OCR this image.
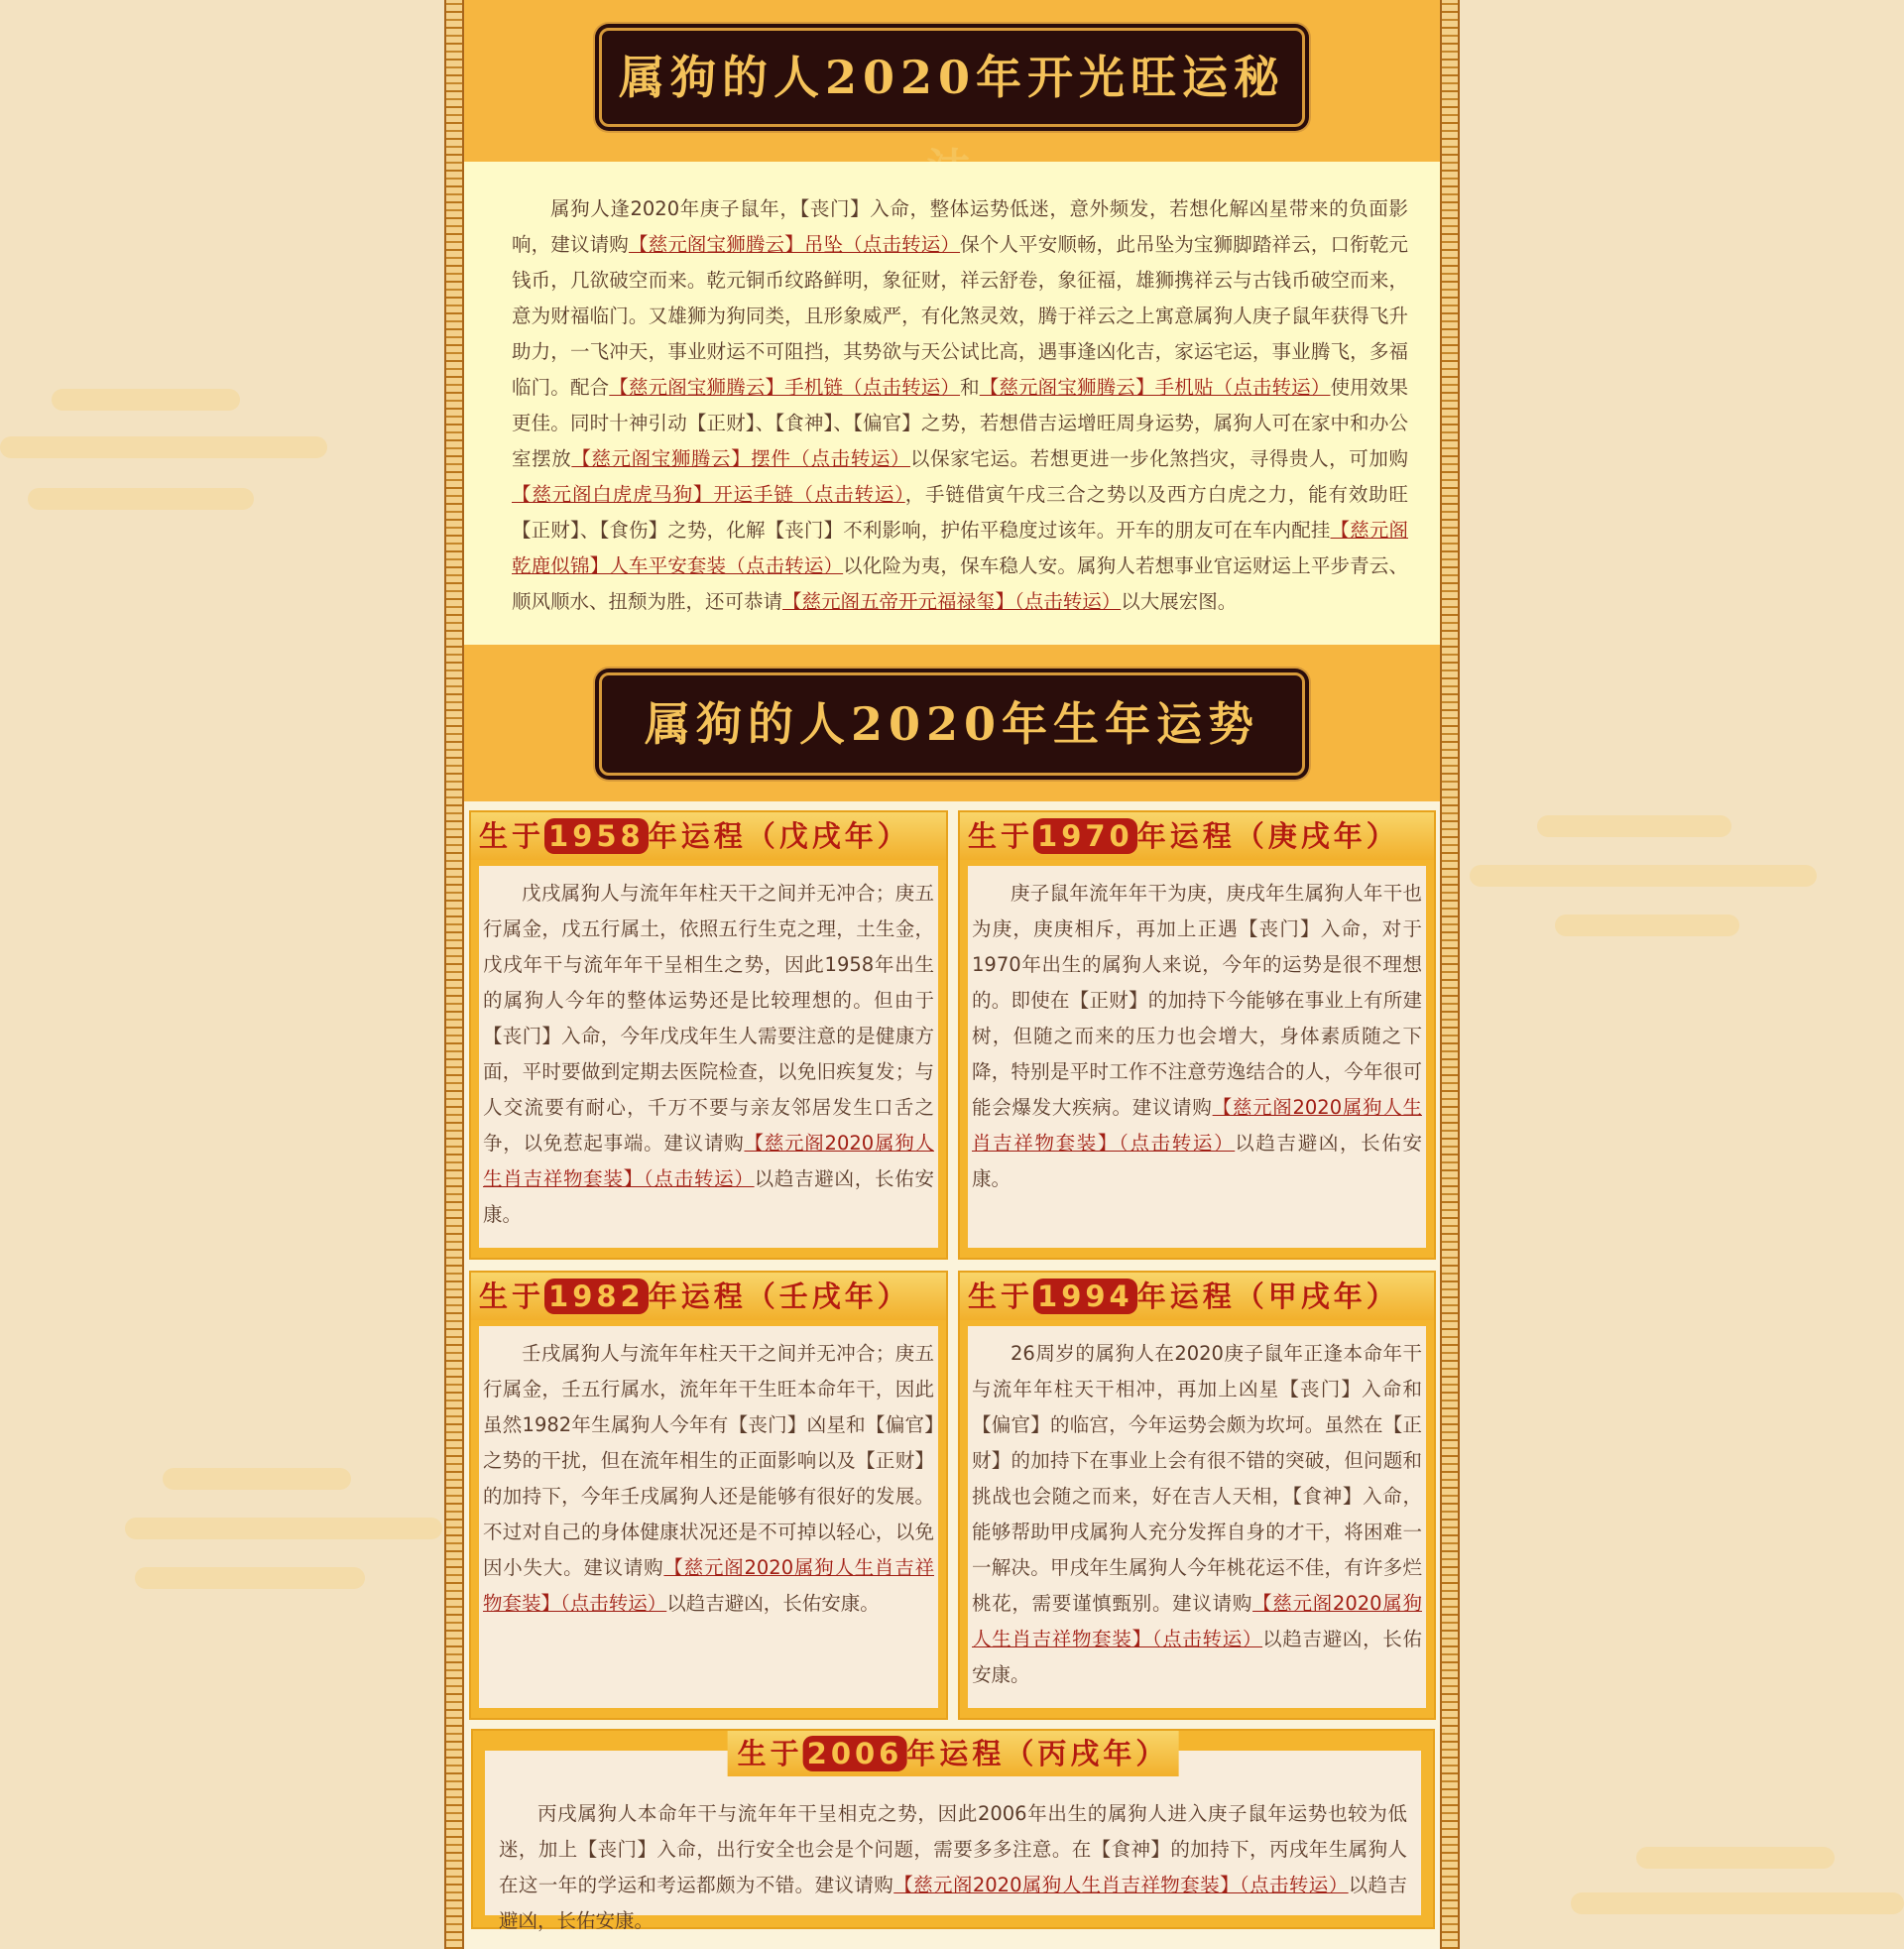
属狗的人2020年开光旺运秘

属狗人逢2020年庚子鼠年，【丧门】入命，整体运势低迷，意外频发，若想化解凶星带来的负面影响，建议请购【慈元阁宝狮腾云】吊坠（点击转运）保个人平安顺畅，此吊坠为宝狮脚踏祥云，口衔乾元钱币，几欲破空而来。乾元铜币纹路鲜明，象征财，祥云舒卷，象征福，雄狮携祥云与古钱币破空而来，意为财福临门。又雄狮为狗同类，且形象威严，有化煞灵效，腾于祥云之上寓意属狗人庚子鼠年获得飞升助力，一飞冲天，事业财运不可阻挡，其势欲与天公试比高，遇事逢凶化吉，家运宅运，事业腾飞，多福临门。配合【慈元阁宝狮腾云】手机链（点击转运）和【慈元阁宝狮腾云】手机贴（点击转运）使用效果更佳。同时十神引动【正财】、【食神】、【偏官】之势，若想借吉运增旺周身运势，属狗人可在家中和办公室摆放【慈元阁宝狮腾云】摆件（点击转运）以保家宅运。若想更进一步化煞挡灾，寻得贵人，可加购【慈元阁白虎虎马狗】开运手链（点击转运），手链借寅午戌三合之势以及西方白虎之力，能有效助旺【正财】、【食伤】之势，化解【丧门】不利影响，护佑平稳度过该年。开车的朋友可在车内配挂【慈元阁乾鹿似锦】人车平安套装（点击转运）以化险为夷，保车稳人安。属狗人若想事业官运财运上平步青云、顺风顺水、扭颓为胜，还可恭请【慈元阁五帝开元福禄玺】（点击转运）以大展宏图。

属狗的人2020年生年运势
生于 1958 年运程（戊戌年）

戊戌属狗人与流年年柱天干之间并无冲合；庚五行属金，戊五行属土，依照五行生克之理，土生金，戊戌年干与流年年干呈相生之势，因此1958年出生的属狗人今年的整体运势还是比较理想的。但由于【丧门】入命，今年戊戌年生人需要注意的是健康方面，平时要做到定期去医院检查，以免旧疾复发；与人交流要有耐心，千万不要与亲友邻居发生口舌之争，以免惹起事端。建议请购【慈元阁2020属狗人生肖吉祥物套装】（点击转运）以趋吉避凶，长佑安康。

生于 1970 年运程（庚戌年）

庚子鼠年流年年干为庚，庚戌年生属狗人年干也为庚，庚庚相斥，再加上正遇【丧门】入命，对于1970年出生的属狗人来说，今年的运势是很不理想的。即使在【正财】的加持下今能够在事业上有所建树，但随之而来的压力也会增大，身体素质随之下降，特别是平时工作不注意劳逸结合的人，今年很可能会爆发大疾病。建议请购【慈元阁2020属狗人生肖吉祥物套装】（点击转运）以趋吉避凶，长佑安康。

生于 1982 年运程（壬戌年）

壬戌属狗人与流年年柱天干之间并无冲合；庚五行属金，壬五行属水，流年年干生旺本命年干，因此虽然1982年生属狗人今年有【丧门】凶星和【偏官】之势的干扰，但在流年相生的正面影响以及【正财】的加持下，今年壬戌属狗人还是能够有很好的发展。不过对自己的身体健康状况还是不可掉以轻心，以免因小失大。建议请购【慈元阁2020属狗人生肖吉祥物套装】（点击转运）以趋吉避凶，长佑安康。

生于 1994 年运程（甲戌年）

26周岁的属狗人在2020庚子鼠年正逢本命年干与流年年柱天干相冲，再加上凶星【丧门】入命和【偏官】的临宫，今年运势会颇为坎坷。虽然在【正财】的加持下在事业上会有很不错的突破，但问题和挑战也会随之而来，好在吉人天相，【食神】入命，能够帮助甲戌属狗人充分发挥自身的才干，将困难一一解决。甲戌年生属狗人今年桃花运不佳，有许多烂桃花，需要谨慎甄别。建议请购【慈元阁2020属狗人生肖吉祥物套装】（点击转运）以趋吉避凶，长佑安康。

生于 2006 年运程（丙戌年）

丙戌属狗人本命年干与流年年干呈相克之势，因此2006年出生的属狗人进入庚子鼠年运势也较为低迷，加上【丧门】入命，出行安全也会是个问题，需要多多注意。在【食神】的加持下，丙戌年生属狗人在这一年的学运和考运都颇为不错。建议请购【慈元阁2020属狗人生肖吉祥物套装】（点击转运）以趋吉避凶，长佑安康。
